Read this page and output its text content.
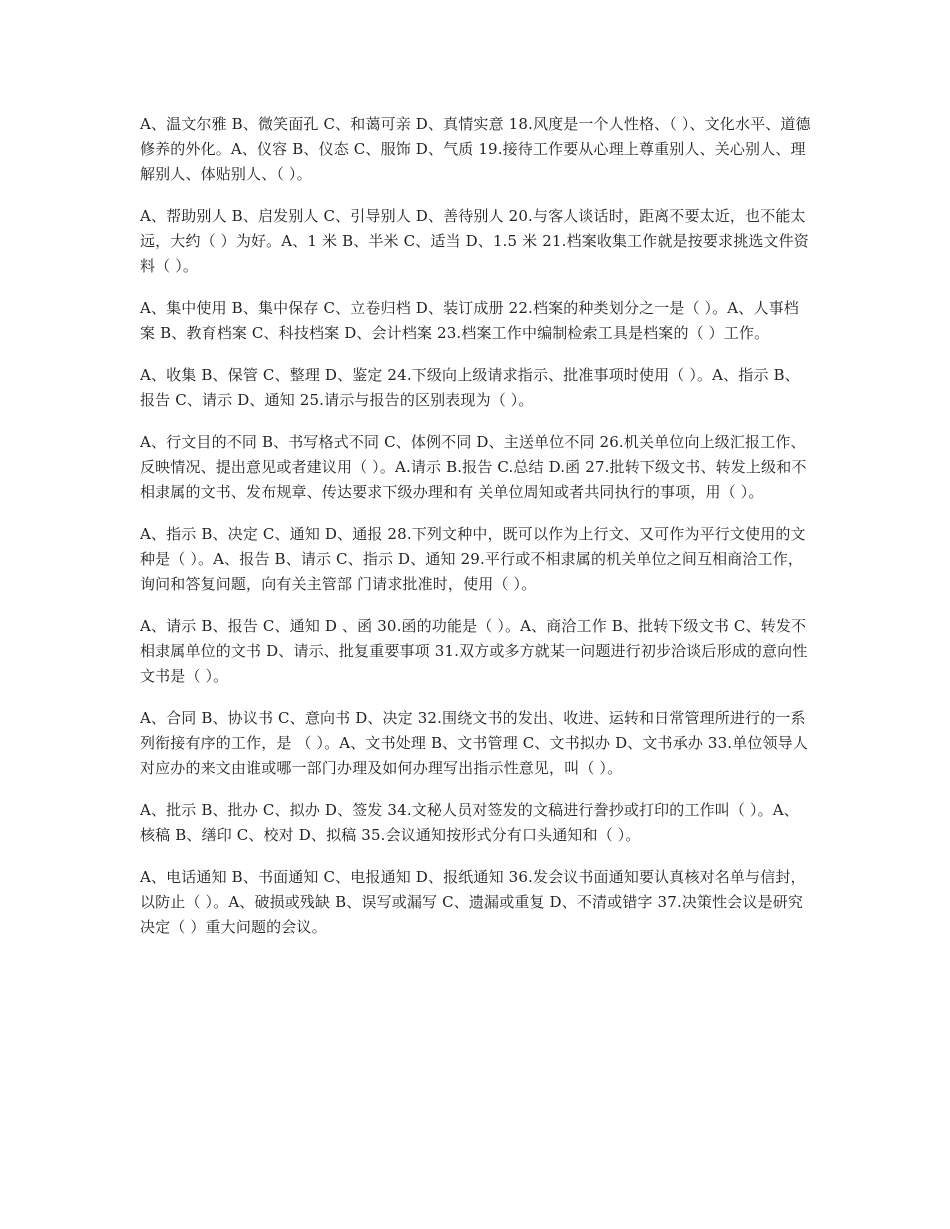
A、温文尔雅 B、微笑面孔 C、和蔼可亲 D、真情实意 18.风度是一个人性格、（ ）、文化水平、道德修养的外化。A、仪容 B、仪态 C、服饰 D、气质 19.接待工作要从心理上尊重别人、关心别人、理解别人、体贴别人、（ ）。

A、帮助别人 B、启发别人 C、引导别人 D、善待别人 20.与客人谈话时，距离不要太近，也不能太远，大约（ ）为好。A、1 米 B、半米 C、适当 D、1.5 米 21.档案收集工作就是按要求挑选文件资料（ ）。

A、集中使用 B、集中保存 C、立卷归档 D、装订成册 22.档案的种类划分之一是（ ）。A、人事档案 B、教育档案 C、科技档案 D、会计档案 23.档案工作中编制检索工具是档案的（ ）工作。

A、收集 B、保管 C、整理 D、鉴定 24.下级向上级请求指示、批准事项时使用（ ）。A、指示 B、报告 C、请示 D、通知 25.请示与报告的区别表现为（ ）。

A、行文目的不同 B、书写格式不同 C、体例不同 D、主送单位不同 26.机关单位向上级汇报工作、反映情况、提出意见或者建议用（ ）。A.请示 B.报告 C.总结 D.函 27.批转下级文书、转发上级和不相隶属的文书、发布规章、传达要求下级办理和有 关单位周知或者共同执行的事项，用（ ）。

A、指示 B、决定 C、通知 D、通报 28.下列文种中，既可以作为上行文、又可作为平行文使用的文种是（ ）。A、报告 B、请示 C、指示 D、通知 29.平行或不相隶属的机关单位之间互相商洽工作，询问和答复问题，向有关主管部 门请求批准时，使用（ ）。

A、请示 B、报告 C、通知 D 、函 30.函的功能是（ ）。A、商洽工作 B、批转下级文书 C、转发不相隶属单位的文书 D、请示、批复重要事项 31.双方或多方就某一问题进行初步洽谈后形成的意向性文书是（ ）。

A、合同 B、协议书 C、意向书 D、决定 32.围绕文书的发出、收进、运转和日常管理所进行的一系列衔接有序的工作，是 （ ）。A、文书处理 B、文书管理 C、文书拟办 D、文书承办 33.单位领导人对应办的来文由谁或哪一部门办理及如何办理写出指示性意见，叫（ ）。

A、批示 B、批办 C、拟办 D、签发 34.文秘人员对签发的文稿进行誊抄或打印的工作叫（ ）。A、核稿 B、缮印 C、校对 D、拟稿 35.会议通知按形式分有口头通知和（ ）。

A、电话通知 B、书面通知 C、电报通知 D、报纸通知 36.发会议书面通知要认真核对名单与信封，以防止（ ）。A、破损或残缺 B、误写或漏写 C、遗漏或重复 D、不清或错字 37.决策性会议是研究决定（ ）重大问题的会议。
